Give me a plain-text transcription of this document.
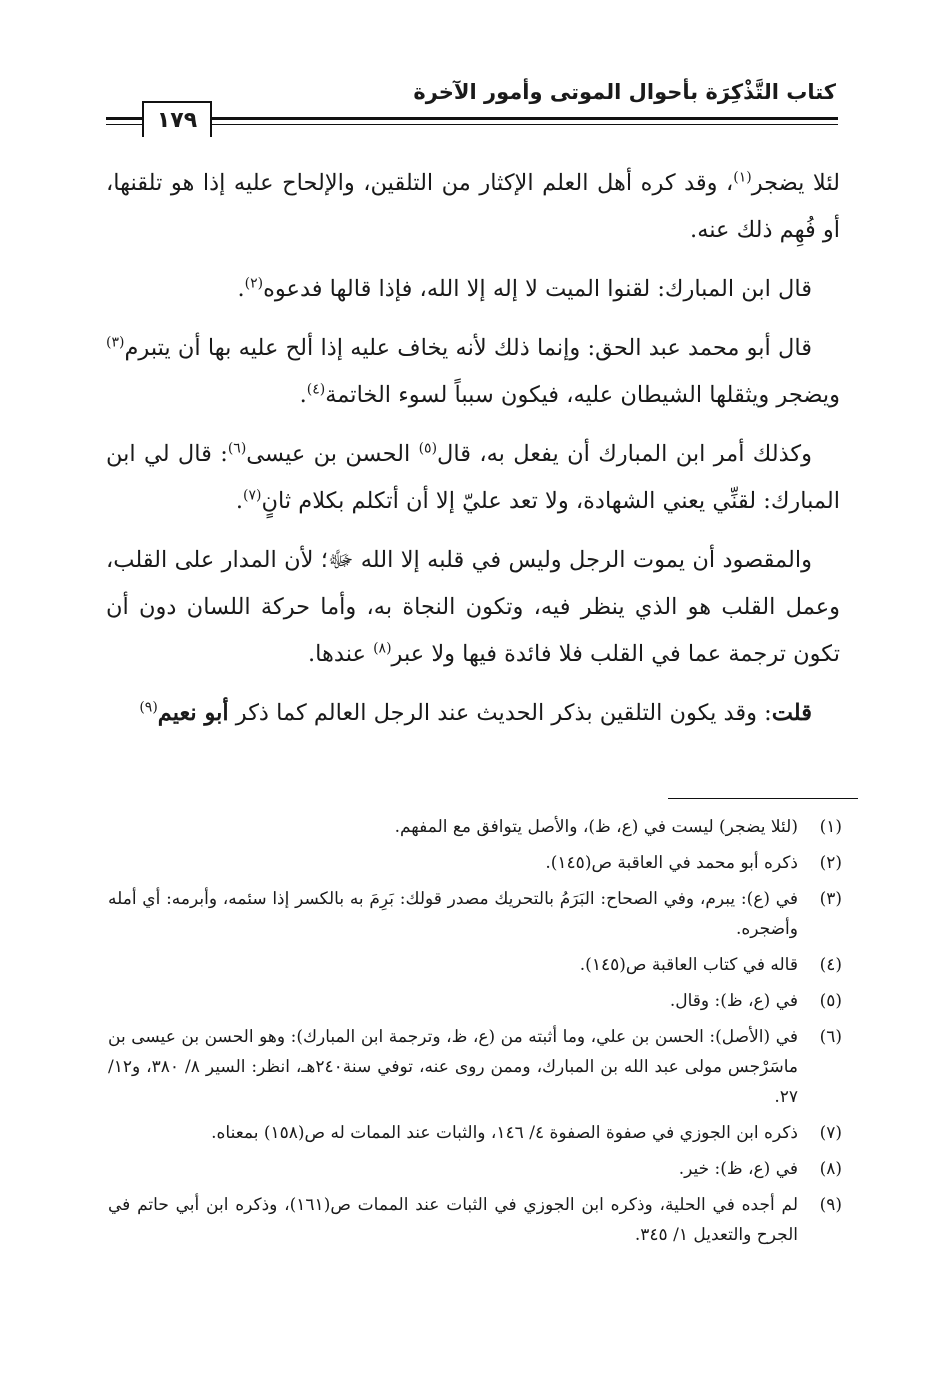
كتاب التَّذْكِرَة بأحوال الموتى وأمور الآخرة
١٧٩

لئلا يضجر$^{(١)}$، وقد كره أهل العلم الإكثار من التلقين، والإلحاح عليه إذا هو تلقنها، أو فُهِم ذلك عنه.

قال ابن المبارك: لقنوا الميت لا إله إلا الله، فإذا قالها فدعوه$^{(٢)}$.

قال أبو محمد عبد الحق: وإنما ذلك لأنه يخاف عليه إذا ألح عليه بها أن يتبرم$^{(٣)}$ ويضجر ويثقلها الشيطان عليه، فيكون سبباً لسوء الخاتمة$^{(٤)}$.

وكذلك أمر ابن المبارك أن يفعل به، قال$^{(٥)}$ الحسن بن عيسى$^{(٦)}$: قال لي ابن المبارك: لقنِّي يعني الشهادة، ولا تعد عليّ إلا أن أتكلم بكلام ثانٍ$^{(٧)}$.

والمقصود أن يموت الرجل وليس في قلبه إلا الله ﷻ؛ لأن المدار على القلب، وعمل القلب هو الذي ينظر فيه، وتكون النجاة به، وأما حركة اللسان دون أن تكون ترجمة عما في القلب فلا فائدة فيها ولا عبر$^{(٨)}$ عندها.

قلت: وقد يكون التلقين بذكر الحديث عند الرجل العالم كما ذكر أبو نعيم$^{(٩)}$

(١)
(لئلا يضجر) ليست في (ع، ظ)، والأصل يتوافق مع المفهم.
(٢)
ذكره أبو محمد في العاقبة ص(١٤٥).
(٣)
في (ع): يبرم، وفي الصحاح: البَرَمُ بالتحريك مصدر قولك: بَرِمَ به بالكسر إذا سئمه، وأبرمه: أي أمله وأضجره.
(٤)
قاله في كتاب العاقبة ص(١٤٥).
(٥)
في (ع، ظ): وقال.
(٦)
في (الأصل): الحسن بن علي، وما أثبته من (ع، ظ، وترجمة ابن المبارك): وهو الحسن بن عيسى بن ماسَرْجس مولى عبد الله بن المبارك، وممن روى عنه، توفي سنة٢٤٠هـ، انظر: السير ٨/ ٣٨٠، و١٢/ ٢٧.
(٧)
ذكره ابن الجوزي في صفوة الصفوة ٤/ ١٤٦، والثبات عند الممات له ص(١٥٨) بمعناه.
(٨)
في (ع، ظ): خير.
(٩)
لم أجده في الحلية، وذكره ابن الجوزي في الثبات عند الممات ص(١٦١)، وذكره ابن أبي حاتم في الجرح والتعديل ١/ ٣٤٥.
